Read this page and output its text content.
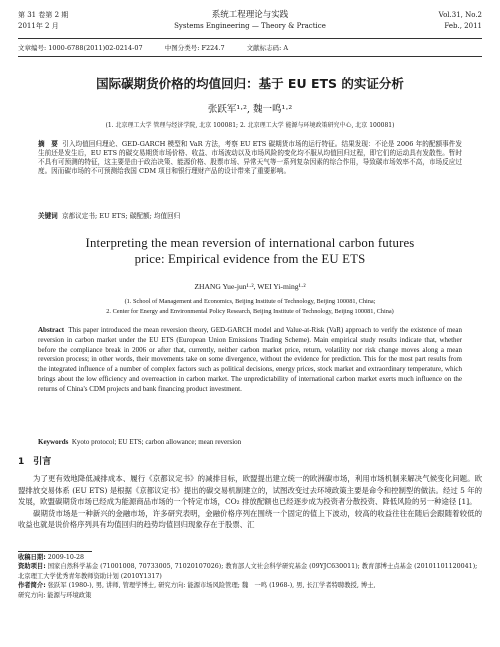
第 31 卷第 2 期
2011年 2 月
系统工程理论与实践
Systems Engineering — Theory & Practice
Vol.31, No.2
Feb., 2011
文章编号: 1000-6788(2011)02-0214-07	中图分类号: F224.7	文献标志码: A
国际碳期货价格的均值回归：基于 EU ETS 的实证分析
张跃军¹·², 魏一鸣¹·²
(1. 北京理工大学 管理与经济学院, 北京 100081; 2. 北京理工大学 能源与环境政策研究中心, 北京 100081)
摘　要 引入均值回归理论、GED-GARCH 模型和 VaR 方法，考察 EU ETS 碳期货市场的运行特征。结果发现：不论是 2006 年的配额事件发生前还是发生后，EU ETS 的碳交易期货市场价格、收益、市场波动以及市场风险的变化均不服从均值回归过程，即它们的运动具有发散性。暂时不具有可预测的特征，这主要是由于政治决策、能源价格、股票市场、异常天气等一系列复杂因素的综合作用，导致碳市场效率不高，市场反应过度。因而碳市场的不可预测给我国 CDM 项目和银行理财产品的设计带来了重要影响。
关键词 京都议定书; EU ETS; 碳配额; 均值回归
Interpreting the mean reversion of international carbon futures
price: Empirical evidence from the EU ETS
ZHANG Yue-jun¹·², WEI Yi-ming¹·²
(1. School of Management and Economics, Beijing Institute of Technology, Beijing 100081, China;
2. Center for Energy and Environmental Policy Research, Beijing Institute of Technology, Beijing 100081, China)
Abstract This paper introduced the mean reversion theory, GED-GARCH model and Value-at-Risk (VaR) approach to verify the existence of mean reversion in carbon market under the EU ETS (European Union Emissions Trading Scheme). Main empirical study results indicate that, whether before the compliance break in 2006 or after that, currently, neither carbon market price, return, volatility nor risk change moves along a mean reversion process; in other words, their movements take on some divergence, without the evidence for prediction. This for the most part results from the integrated influence of a number of complex factors such as political decisions, energy prices, stock market and extraordinary temperature, which brings about the low efficiency and overreaction in carbon market. The unpredictability of international carbon market exerts much influence on the returns of China's CDM projects and bank financing product investment.
Keywords Kyoto protocol; EU ETS; carbon allowance; mean reversion
1　引言

为了更有效地降低减排成本、履行《京都议定书》的减排目标，欧盟提出建立统一的欧洲碳市场，利用市场机制来解决气候变化问题。欧盟排放交易体系 (EU ETS) 是根据《京都议定书》提出的碳交易机制建立的，试图改变过去环境政策主要是命令和控制型的做法。经过 5 年的发展，欧盟碳期货市场已经成为能源商品市场的一个特定市场，CO₂ 排放配额也已经逐步成为投资者分散投资、降低风险的另一种途径 [1]。

碳期货市场是一种新兴的金融市场，许多研究表明，金融价格序列在围绕一个固定的值上下波动，较高的收益往往在随后会跟随着较低的收益也就是说价格序列具有均值回归的趋势均值回归现象存在于股票、汇

收稿日期: 2009-10-28
资助项目: 国家自然科学基金 (71001008, 70733005, 71020107026); 教育部人文社会科学研究基金 (09YJC630011); 教育部博士点基金 (20101101120041); 北京理工大学优秀青年教师资助计划 (2010Y1317)
作者简介: 张跃军 (1980-), 男, 讲师, 管理学博士, 研究方向: 能源市场风险管理; 魏　一鸣 (1968-), 男, 长江学者特聘教授, 博士,
研究方向: 能源与环境政策
